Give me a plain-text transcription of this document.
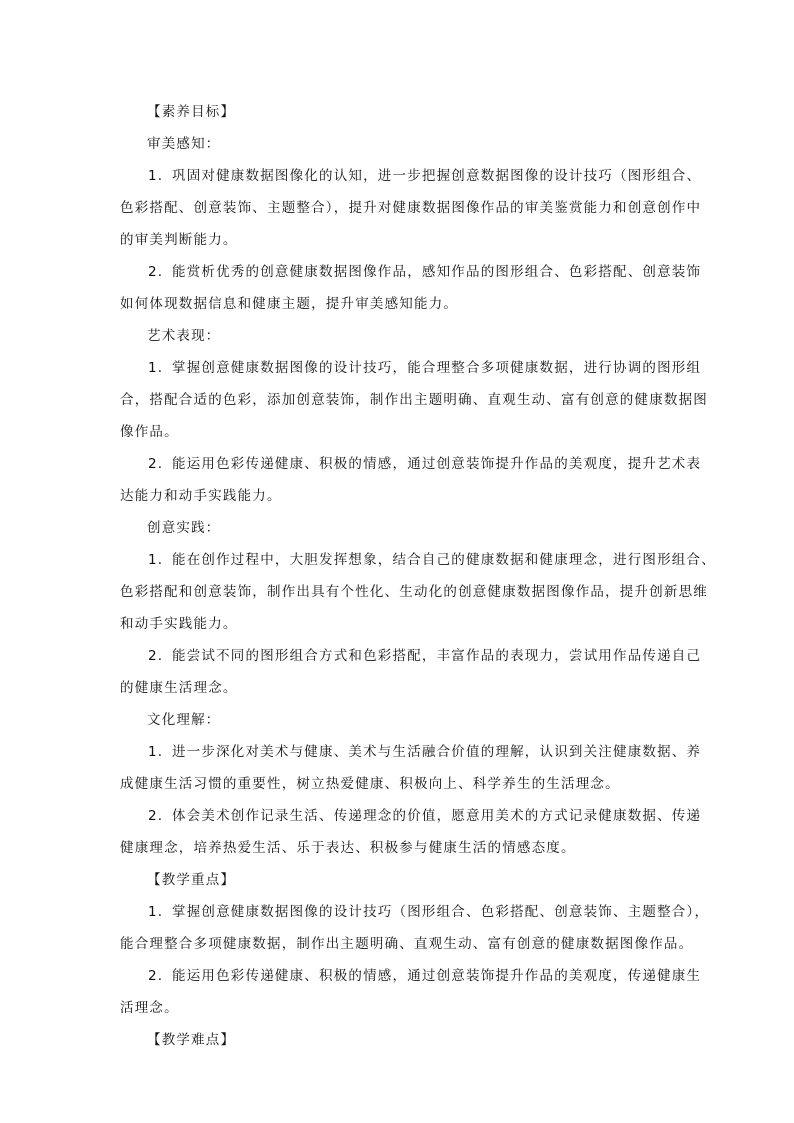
【素养目标】
审美感知：
1. 巩固对健康数据图像化的认知，进一步把握创意数据图像的设计技巧（图形组合、
色彩搭配、创意装饰、主题整合），提升对健康数据图像作品的审美鉴赏能力和创意创作中
的审美判断能力。
2. 能赏析优秀的创意健康数据图像作品，感知作品的图形组合、色彩搭配、创意装饰
如何体现数据信息和健康主题，提升审美感知能力。
艺术表现：
1. 掌握创意健康数据图像的设计技巧，能合理整合多项健康数据，进行协调的图形组
合，搭配合适的色彩，添加创意装饰，制作出主题明确、直观生动、富有创意的健康数据图
像作品。
2. 能运用色彩传递健康、积极的情感，通过创意装饰提升作品的美观度，提升艺术表
达能力和动手实践能力。
创意实践：
1. 能在创作过程中，大胆发挥想象，结合自己的健康数据和健康理念，进行图形组合、
色彩搭配和创意装饰，制作出具有个性化、生动化的创意健康数据图像作品，提升创新思维
和动手实践能力。
2. 能尝试不同的图形组合方式和色彩搭配，丰富作品的表现力，尝试用作品传递自己
的健康生活理念。
文化理解：
1. 进一步深化对美术与健康、美术与生活融合价值的理解，认识到关注健康数据、养
成健康生活习惯的重要性，树立热爱健康、积极向上、科学养生的生活理念。
2. 体会美术创作记录生活、传递理念的价值，愿意用美术的方式记录健康数据、传递
健康理念，培养热爱生活、乐于表达、积极参与健康生活的情感态度。
【教学重点】
1. 掌握创意健康数据图像的设计技巧（图形组合、色彩搭配、创意装饰、主题整合），
能合理整合多项健康数据，制作出主题明确、直观生动、富有创意的健康数据图像作品。
2. 能运用色彩传递健康、积极的情感，通过创意装饰提升作品的美观度，传递健康生
活理念。
【教学难点】
